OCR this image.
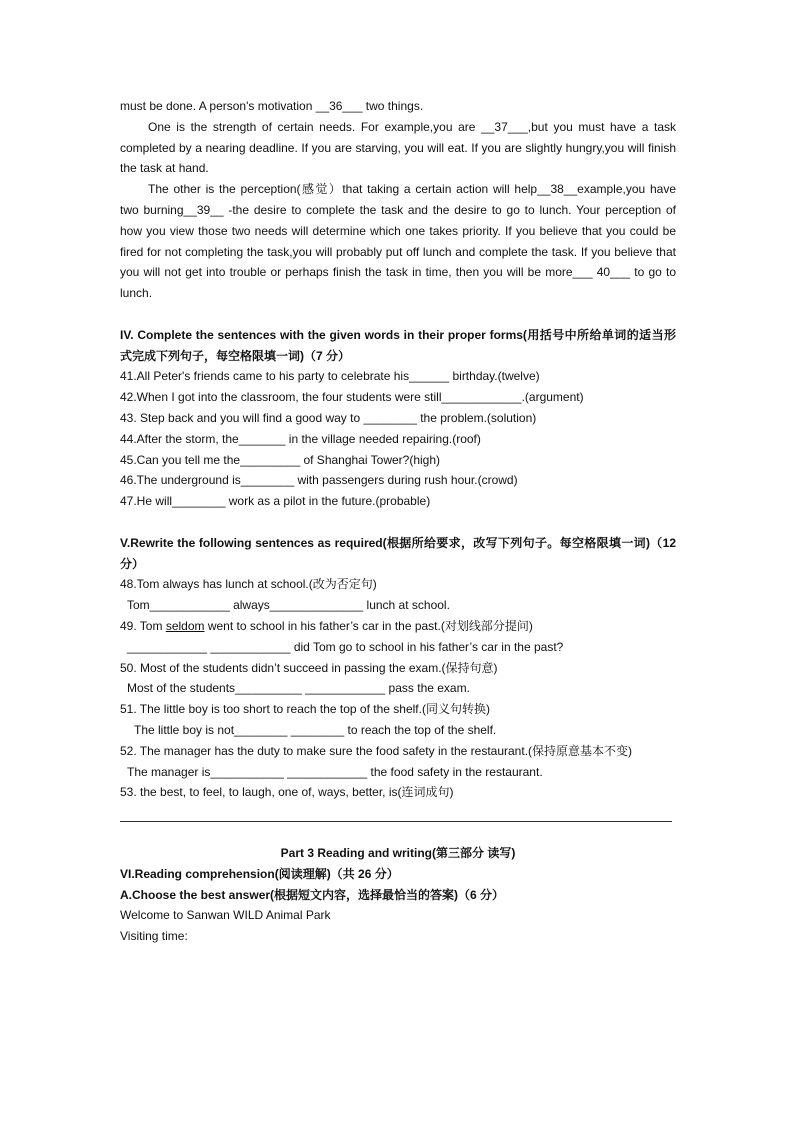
must be done. A person's motivation __36___ two things.

One is the strength of certain needs. For example,you are __37___,but you must have a task completed by a nearing deadline. If you are starving, you will eat. If you are slightly hungry,you will finish the task at hand.

The other is the perception(感觉）that taking a certain action will help__38__example,you have two burning__39__ -the desire to complete the task and the desire to go to lunch. Your perception of how you view those two needs will determine which one takes priority. If you believe that you could be fired for not completing the task,you will probably put off lunch and complete the task. If you believe that you will not get into trouble or perhaps finish the task in time, then you will be more___ 40___ to go to lunch.

IV. Complete the sentences with the given words in their proper forms(用括号中所给单词的适当形式完成下列句子，每空格限填一词)（7 分）

41.All Peter's friends came to his party to celebrate his______ birthday.(twelve)

42.When I got into the classroom, the four students were still____________.(argument)

43. Step back and you will find a good way to ________ the problem.(solution)

44.After the storm, the_______ in the village needed repairing.(roof)

45.Can you tell me the_________ of Shanghai Tower?(high)

46.The underground is________ with passengers during rush hour.(crowd)

47.He will________ work as a pilot in the future.(probable)

V.Rewrite the following sentences as required(根据所给要求，改写下列句子。每空格限填一词)（12 分）

48.Tom always has lunch at school.(改为否定句)

Tom____________ always______________ lunch at school.

49. Tom seldom went to school in his father’s car in the past.(对划线部分提问)

____________ ____________ did Tom go to school in his father’s car in the past?

50. Most of the students didn’t succeed in passing the exam.(保持句意)

Most of the students__________ ____________ pass the exam.

51. The little boy is too short to reach the top of the shelf.(同义句转换)

The little boy is not________ ________ to reach the top of the shelf.

52. The manager has the duty to make sure the food safety in the restaurant.(保持原意基本不变)

The manager is___________ ____________ the food safety in the restaurant.

53. the best, to feel, to laugh, one of, ways, better, is(连词成句)

Part 3 Reading and writing(第三部分 读写)

VI.Reading comprehension(阅读理解)（共 26 分）

A.Choose the best answer(根据短文内容，选择最恰当的答案)（6 分）

Welcome to Sanwan WILD Animal Park

Visiting time:
